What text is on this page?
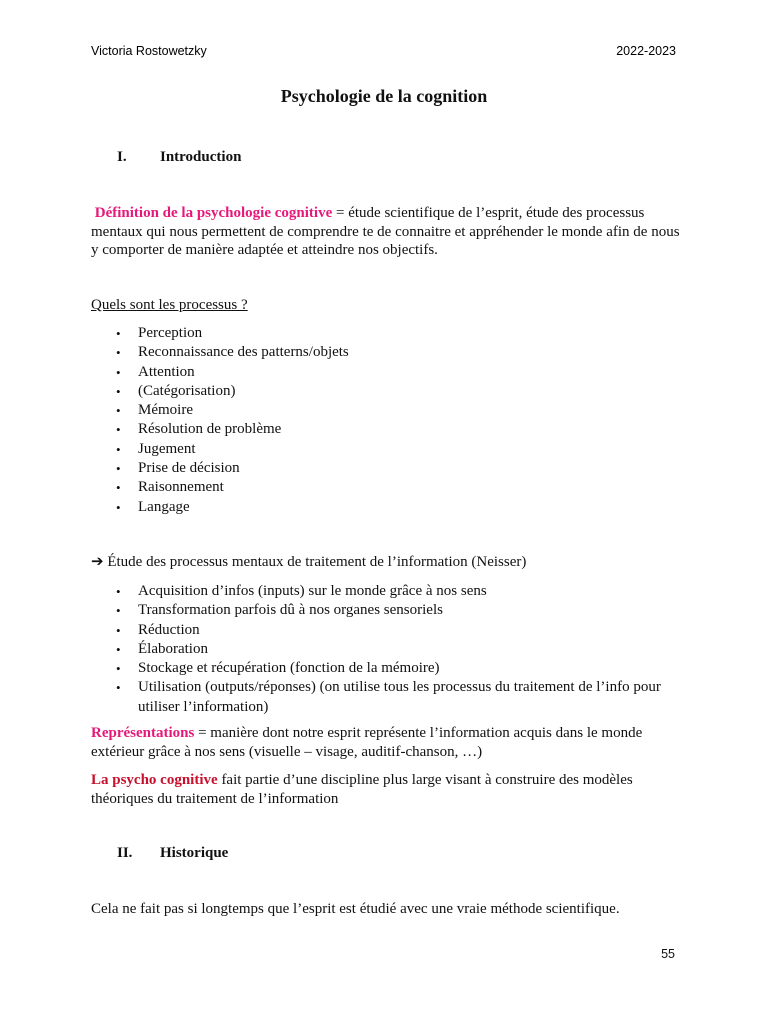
Victoria Rostowetzky	2022-2023
Psychologie de la cognition
I. Introduction
Définition de la psychologie cognitive = étude scientifique de l’esprit, étude des processus mentaux qui nous permettent de comprendre te de connaitre et appréhender le monde afin de nous y comporter de manière adaptée et atteindre nos objectifs.
Quels sont les processus ?
• Perception
• Reconnaissance des patterns/objets
• Attention
• (Catégorisation)
• Mémoire
• Résolution de problème
• Jugement
• Prise de décision
• Raisonnement
• Langage
➔ Étude des processus mentaux de traitement de l’information (Neisser)
• Acquisition d’infos (inputs) sur le monde grâce à nos sens
• Transformation parfois dû à nos organes sensoriels
• Réduction
• Élaboration
• Stockage et récupération (fonction de la mémoire)
• Utilisation (outputs/réponses) (on utilise tous les processus du traitement de l’info pour utiliser l’information)
Représentations = manière dont notre esprit représente l’information acquis dans le monde extérieur grâce à nos sens (visuelle – visage, auditif-chanson, …)
La psycho cognitive fait partie d’une discipline plus large visant à construire des modèles théoriques du traitement de l’information
II. Historique
Cela ne fait pas si longtemps que l’esprit est étudié avec une vraie méthode scientifique.
55
